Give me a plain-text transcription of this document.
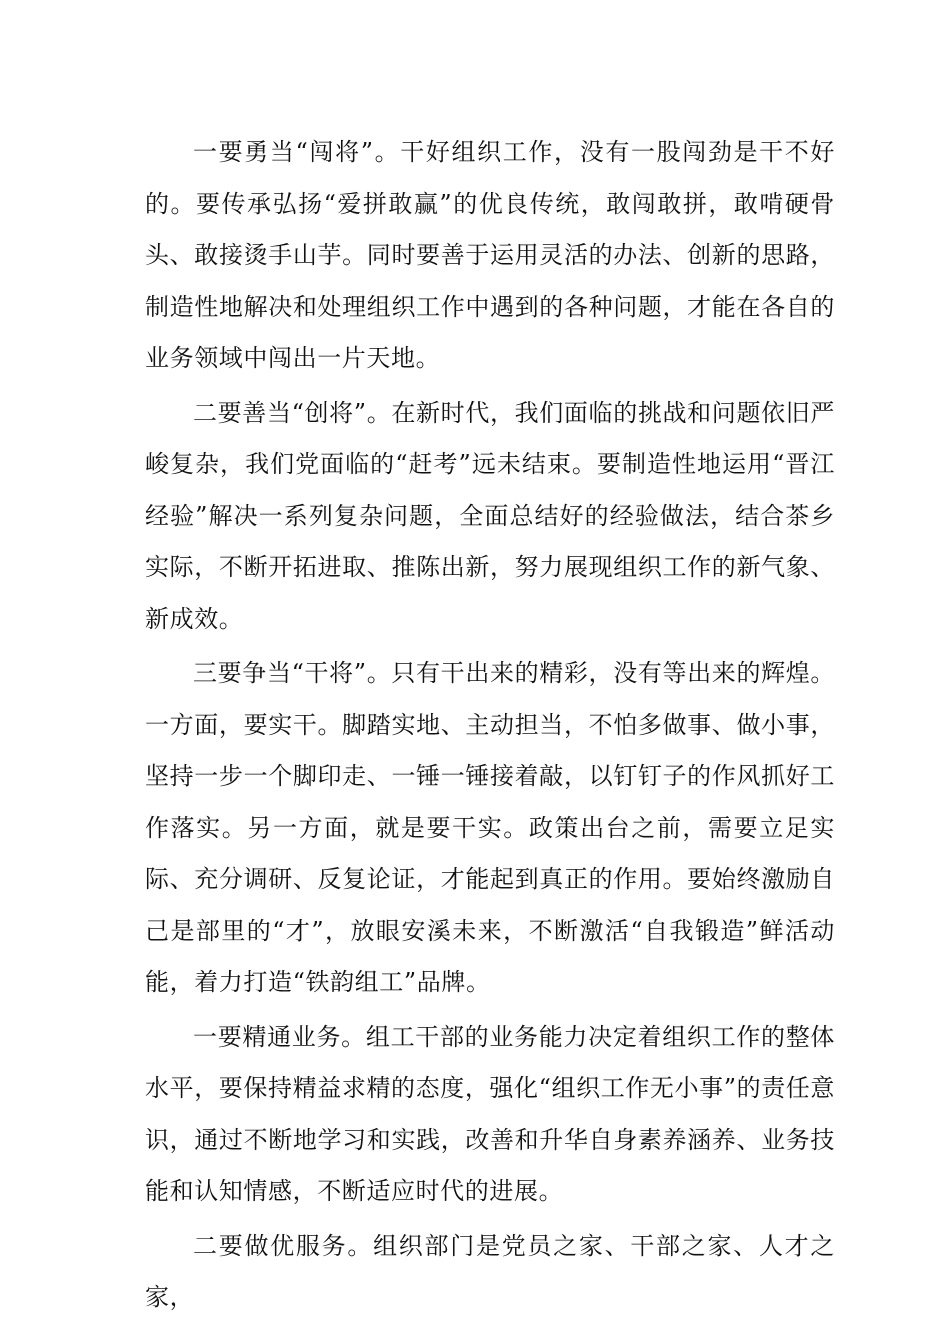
一要勇当“闯将”。干好组织工作，没有一股闯劲是干不好的。要传承弘扬“爱拼敢赢”的优良传统，敢闯敢拼，敢啃硬骨头、敢接烫手山芋。同时要善于运用灵活的办法、创新的思路，制造性地解决和处理组织工作中遇到的各种问题，才能在各自的业务领域中闯出一片天地。

二要善当“创将”。在新时代，我们面临的挑战和问题依旧严峻复杂，我们党面临的“赶考”远未结束。要制造性地运用“晋江经验”解决一系列复杂问题，全面总结好的经验做法，结合茶乡实际，不断开拓进取、推陈出新，努力展现组织工作的新气象、新成效。

三要争当“干将”。只有干出来的精彩，没有等出来的辉煌。一方面，要实干。脚踏实地、主动担当，不怕多做事、做小事，坚持一步一个脚印走、一锤一锤接着敲，以钉钉子的作风抓好工作落实。另一方面，就是要干实。政策出台之前，需要立足实际、充分调研、反复论证，才能起到真正的作用。要始终激励自己是部里的“才”，放眼安溪未来，不断激活“自我锻造”鲜活动能，着力打造“铁韵组工”品牌。

一要精通业务。组工干部的业务能力决定着组织工作的整体水平，要保持精益求精的态度，强化“组织工作无小事”的责任意识，通过不断地学习和实践，改善和升华自身素养涵养、业务技能和认知情感，不断适应时代的进展。

二要做优服务。组织部门是党员之家、干部之家、人才之家，
